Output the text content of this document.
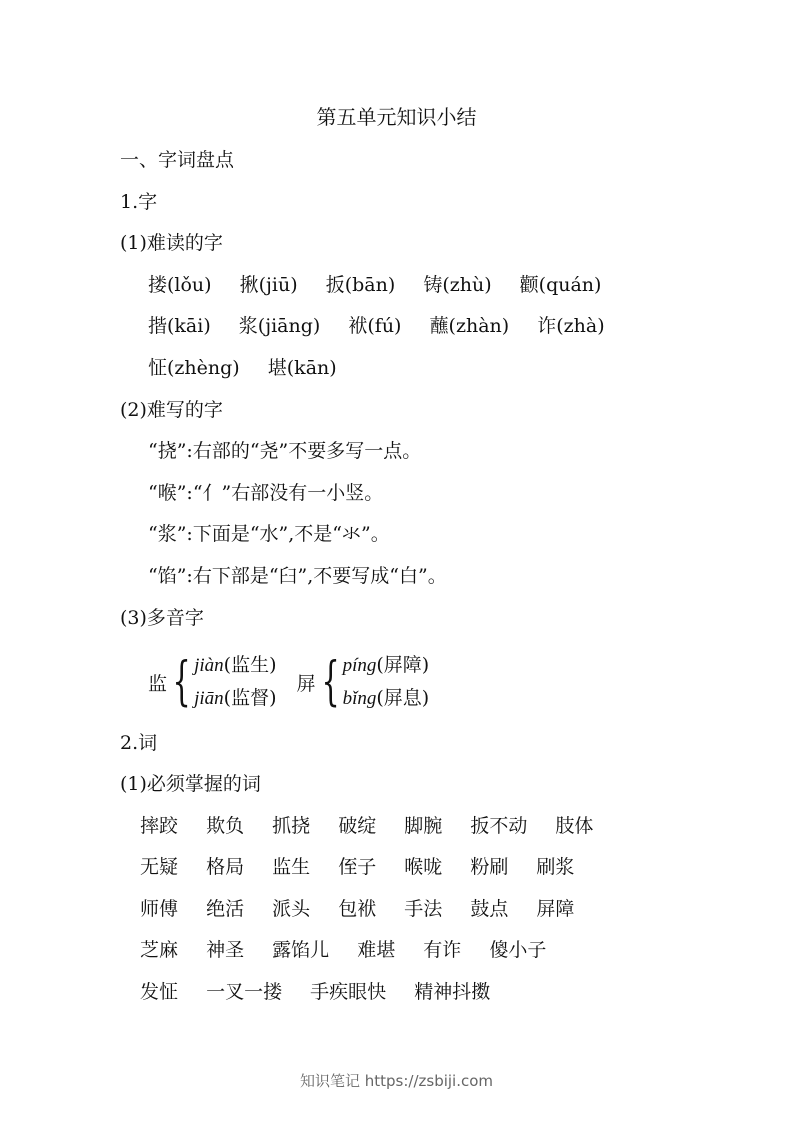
第五单元知识小结
一、字词盘点
1.字
(1)难读的字
搂(lǒu) 揪(jiū) 扳(bān) 铸(zhù) 颧(quán)
揩(kāi) 浆(jiāng) 袱(fú) 蘸(zhàn) 诈(zhà)
怔(zhèng) 堪(kān)
(2)难写的字
“挠”:右部的“尧”不要多写一点。
“喉”:“亻”右部没有一小竖。
“浆”:下面是“水”,不是“氺”。
“馅”:右下部是“臼”,不要写成“白”。
(3)多音字
监 { jiàn(监生)
jiān(监督)
屏 { píng(屏障)
bǐng(屏息)
2.词
(1)必须掌握的词
摔跤 欺负 抓挠 破绽 脚腕 扳不动 肢体
无疑 格局 监生 侄子 喉咙 粉刷 刷浆
师傅 绝活 派头 包袱 手法 鼓点 屏障
芝麻 神圣 露馅儿 难堪 有诈 傻小子
发怔 一叉一搂 手疾眼快 精神抖擞
知识笔记 https://zsbiji.com
